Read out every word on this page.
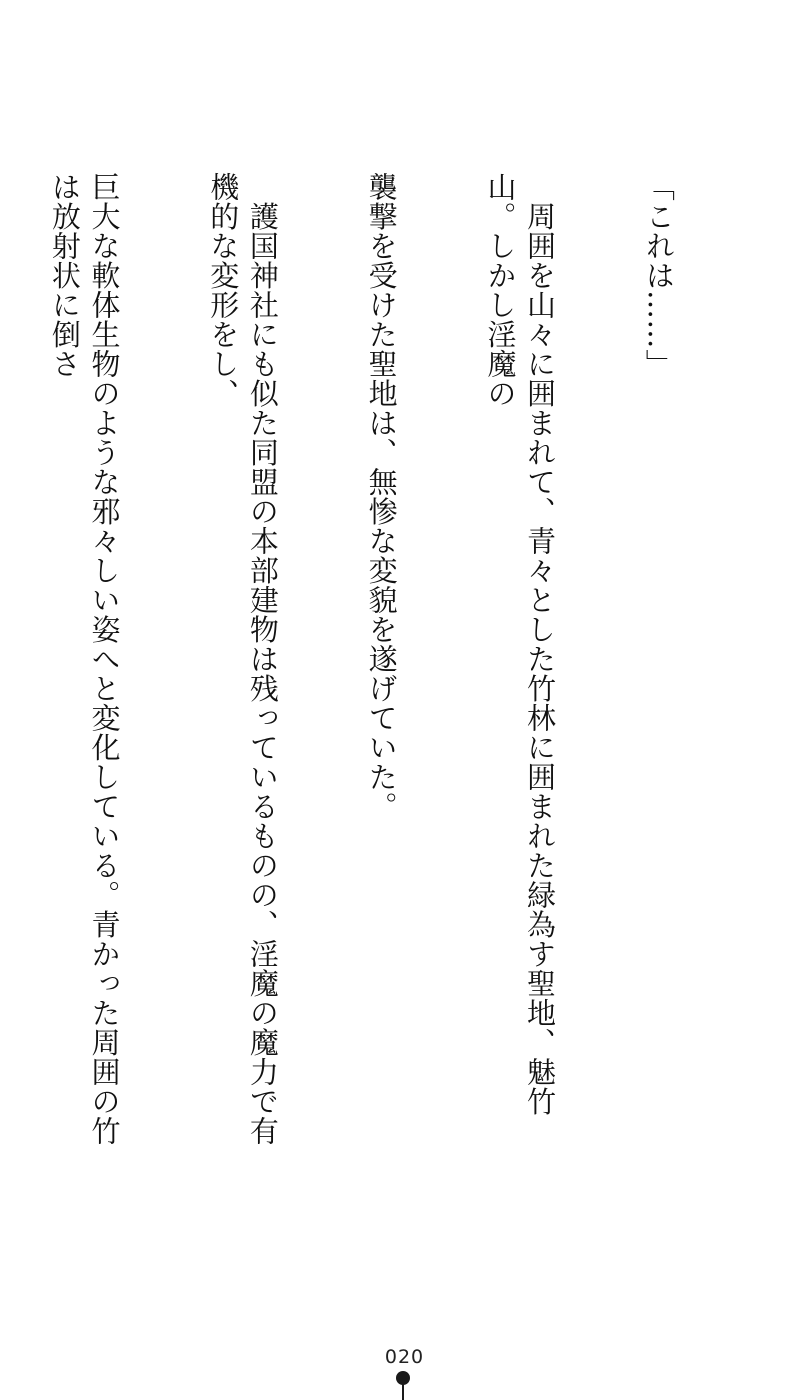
「これは……」

　周囲を山々に囲まれて、青々とした竹林に囲まれた緑為す聖地、魅竹山。しかし淫魔の

襲撃を受けた聖地は、無惨な変貌を遂げていた。

　護国神社にも似た同盟の本部建物は残っているものの、淫魔の魔力で有機的な変形をし、

巨大な軟体生物のような邪々しい姿へと変化している。青かった周囲の竹は放射状に倒さ

020
